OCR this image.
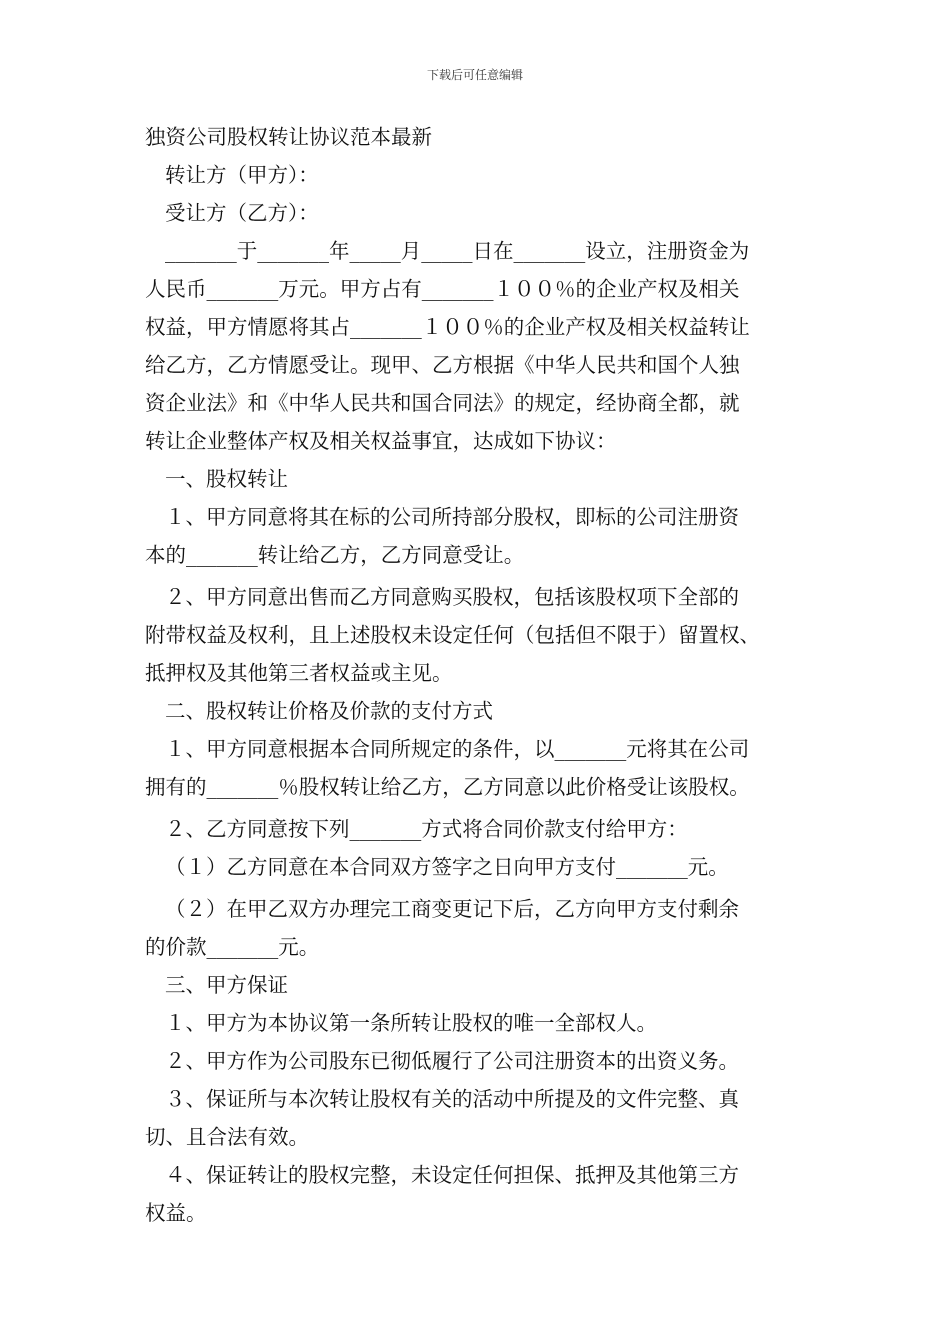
下载后可任意编辑
独资公司股权转让协议范本最新
转让方（甲方）：
受让方（乙方）：
_______于_______年_____月_____日在_______设立，注册资金为
人民币_______万元。甲方占有_______１００％的企业产权及相关
权益，甲方情愿将其占_______１００％的企业产权及相关权益转让
给乙方，乙方情愿受让。现甲、乙方根据《中华人民共和国个人独
资企业法》和《中华人民共和国合同法》的规定，经协商全都，就
转让企业整体产权及相关权益事宜，达成如下协议：
一、股权转让
１、甲方同意将其在标的公司所持部分股权，即标的公司注册资
本的_______转让给乙方，乙方同意受让。
２、甲方同意出售而乙方同意购买股权，包括该股权项下全部的
附带权益及权利，且上述股权未设定任何（包括但不限于）留置权、
抵押权及其他第三者权益或主见。
二、股权转让价格及价款的支付方式
１、甲方同意根据本合同所规定的条件，以_______元将其在公司
拥有的_______％股权转让给乙方，乙方同意以此价格受让该股权。
２、乙方同意按下列_______方式将合同价款支付给甲方：
（１）乙方同意在本合同双方签字之日向甲方支付_______元。
（２）在甲乙双方办理完工商变更记下后，乙方向甲方支付剩余
的价款_______元。
三、甲方保证
１、甲方为本协议第一条所转让股权的唯一全部权人。
２、甲方作为公司股东已彻低履行了公司注册资本的出资义务。
３、保证所与本次转让股权有关的活动中所提及的文件完整、真
切、且合法有效。
４、保证转让的股权完整，未设定任何担保、抵押及其他第三方
权益。
